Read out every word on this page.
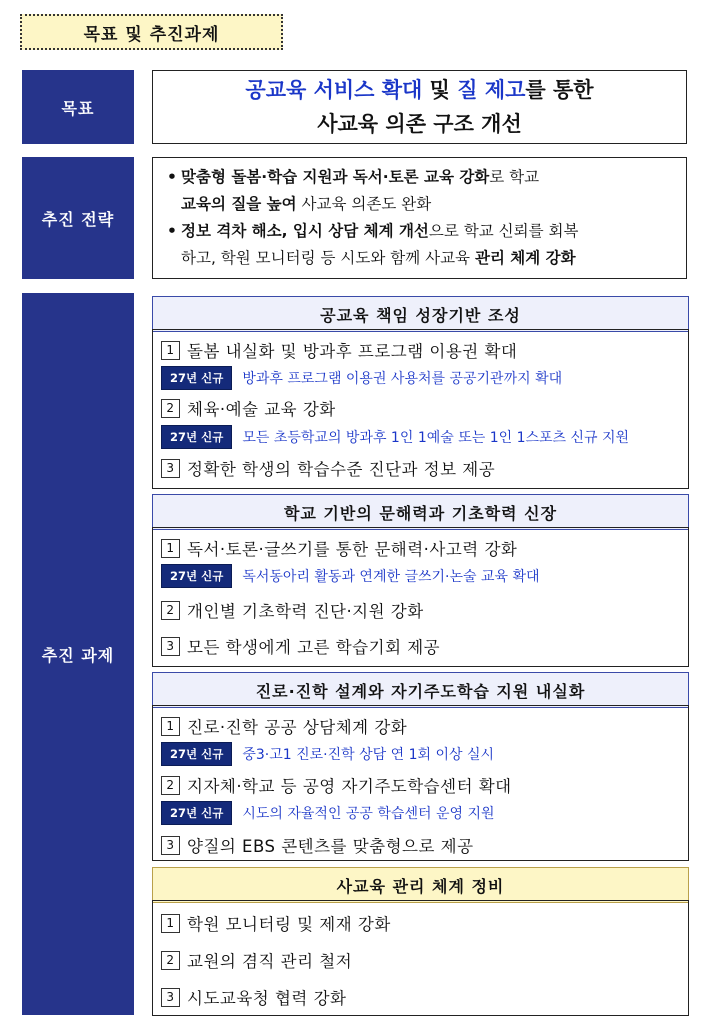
목표 및 추진과제
목표
공교육 서비스 확대 및 질 제고를 통한
사교육 의존 구조 개선
추진 전략
• 맞춤형 돌봄·학습 지원과 독서·토론 교육 강화로 학교
교육의 질을 높여 사교육 의존도 완화
• 정보 격차 해소, 입시 상담 체계 개선으로 학교 신뢰를 회복
하고, 학원 모니터링 등 시도와 함께 사교육 관리 체계 강화
추진 과제
공교육 책임 성장기반 조성
1 돌봄 내실화 및 방과후 프로그램 이용권 확대
27년 신규	방과후 프로그램 이용권 사용처를 공공기관까지 확대
2 체육·예술 교육 강화
27년 신규	모든 초등학교의 방과후 1인 1예술 또는 1인 1스포츠 신규 지원
3 정확한 학생의 학습수준 진단과 정보 제공
학교 기반의 문해력과 기초학력 신장
1 독서·토론·글쓰기를 통한 문해력·사고력 강화
27년 신규	독서동아리 활동과 연계한 글쓰기·논술 교육 확대
2 개인별 기초학력 진단·지원 강화
3 모든 학생에게 고른 학습기회 제공
진로·진학 설계와 자기주도학습 지원 내실화
1 진로·진학 공공 상담체계 강화
27년 신규	중3·고1 진로·진학 상담 연 1회 이상 실시
2 지자체·학교 등 공영 자기주도학습센터 확대
27년 신규	시도의 자율적인 공공 학습센터 운영 지원
3 양질의 EBS 콘텐츠를 맞춤형으로 제공
사교육 관리 체계 정비
1 학원 모니터링 및 제재 강화
2 교원의 겸직 관리 철저
3 시도교육청 협력 강화
